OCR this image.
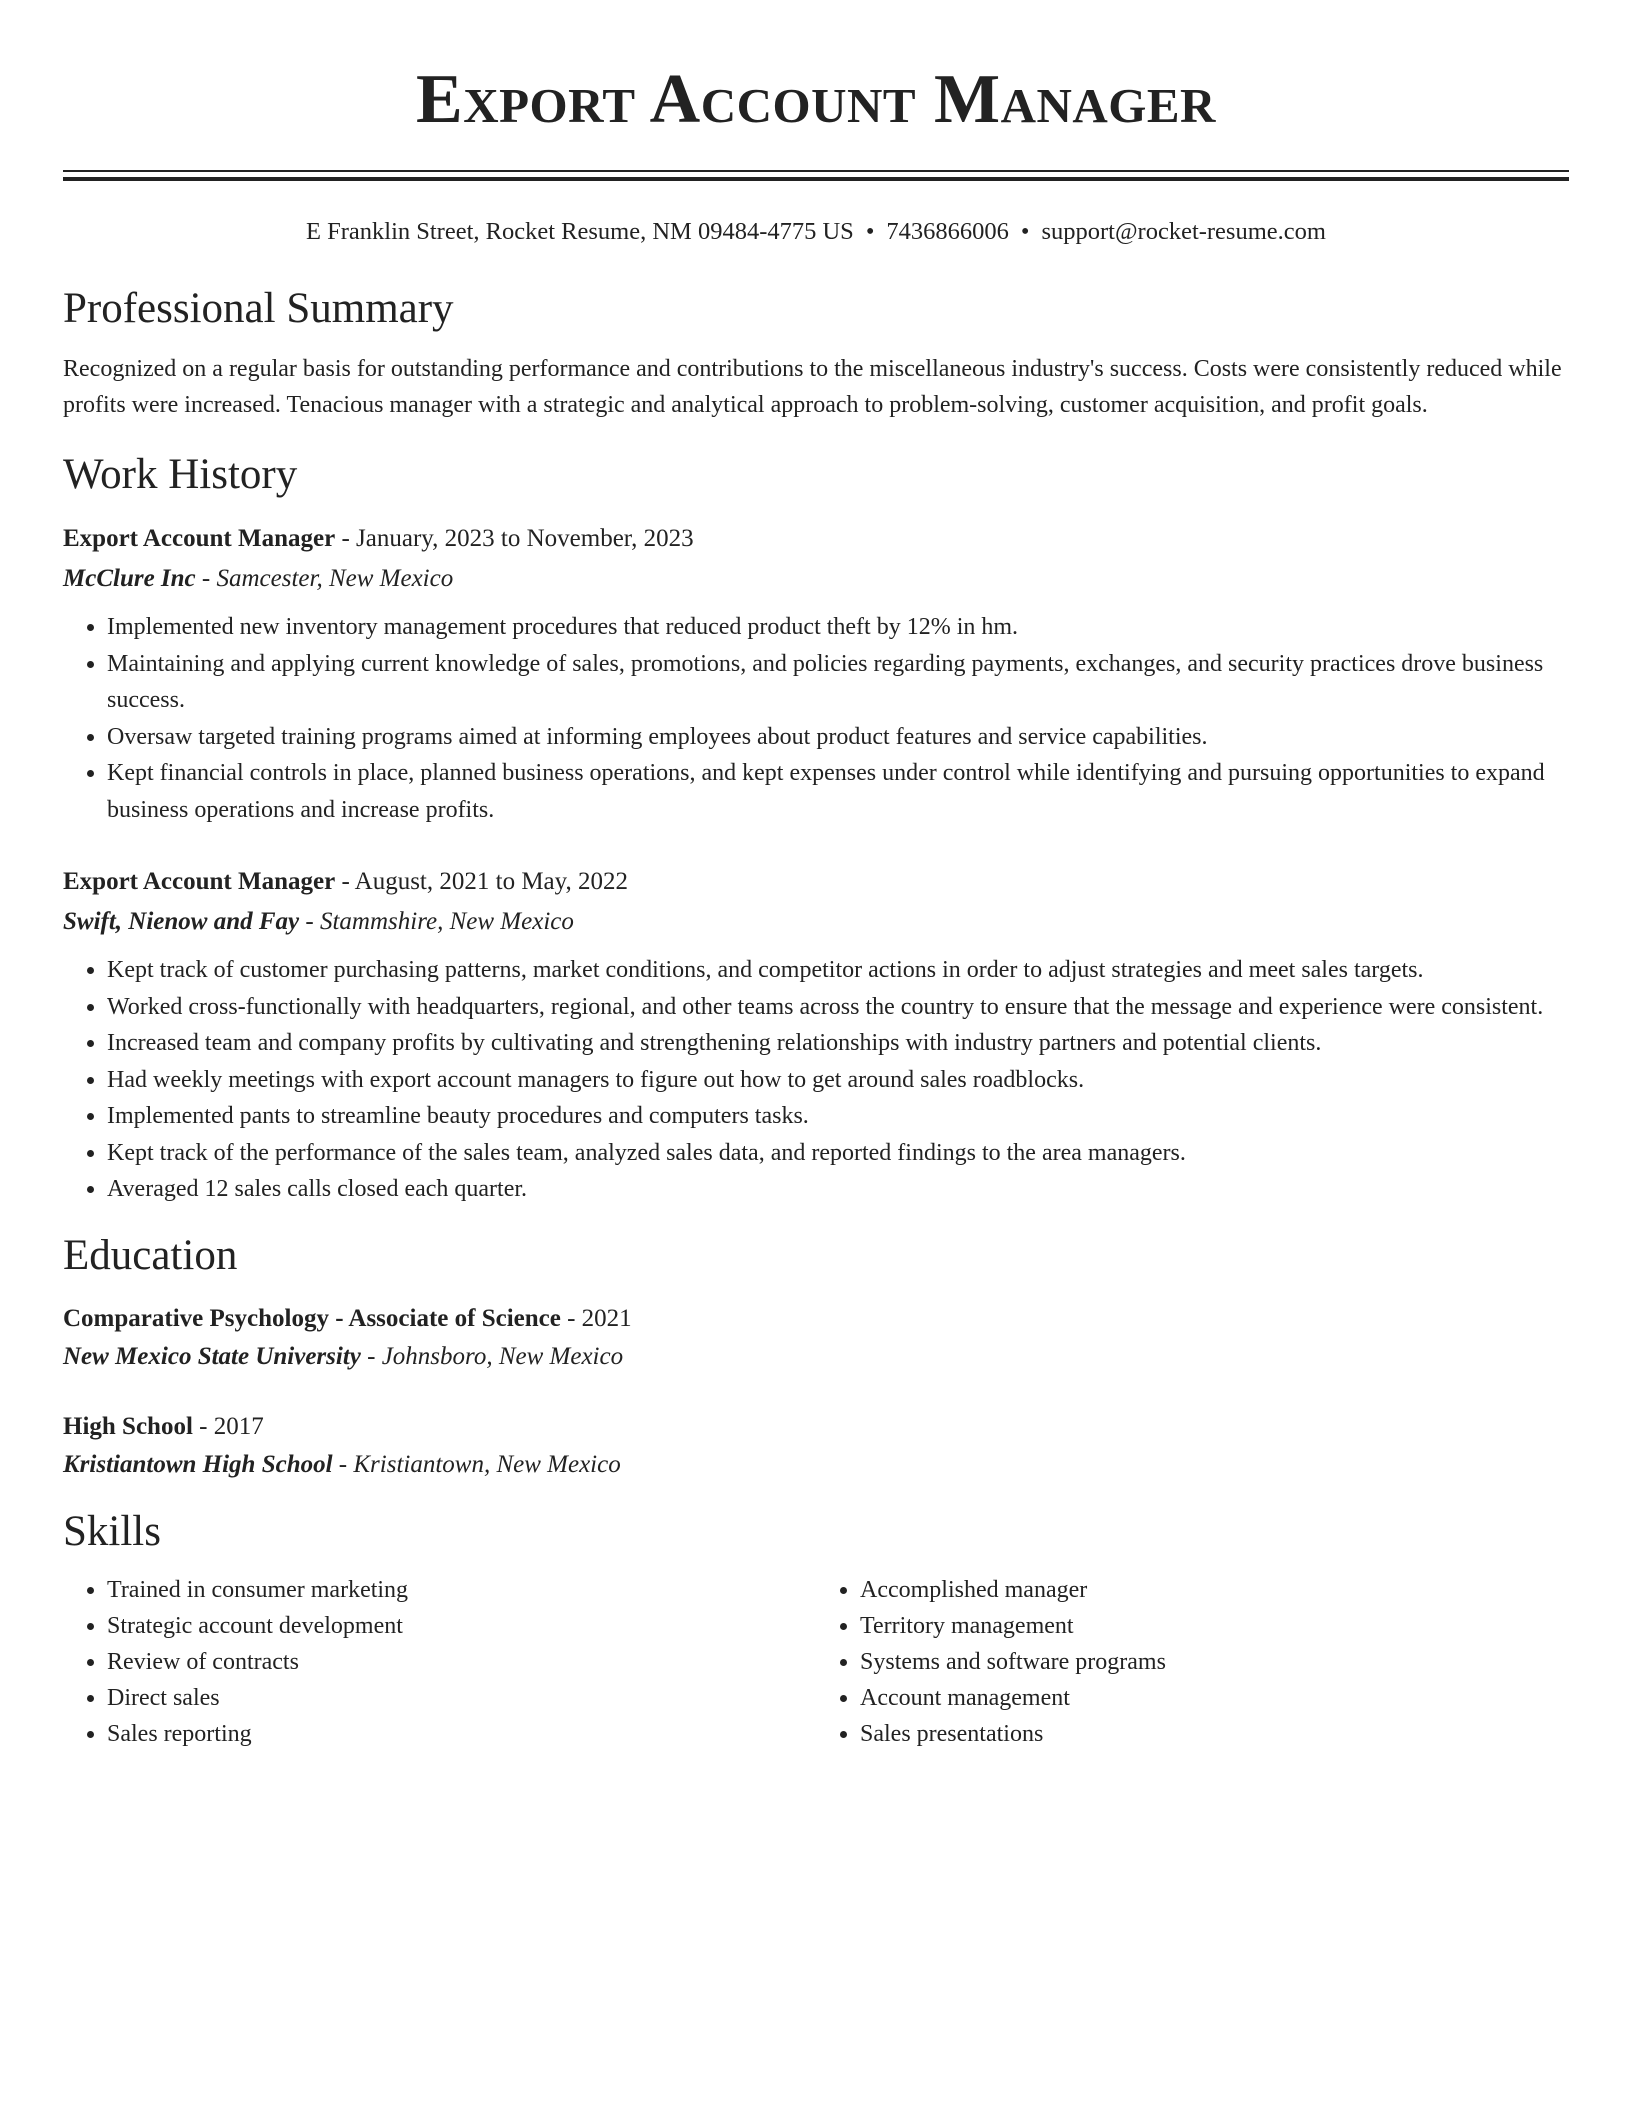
Export Account Manager
E Franklin Street, Rocket Resume, NM 09484-4775 US • 7436866006 • support@rocket-resume.com
Professional Summary

Recognized on a regular basis for outstanding performance and contributions to the miscellaneous industry's success. Costs were consistently reduced while profits were increased. Tenacious manager with a strategic and analytical approach to problem-solving, customer acquisition, and profit goals.

Work History
Export Account Manager - January, 2023 to November, 2023
McClure Inc - Samcester, New Mexico
• Implemented new inventory management procedures that reduced product theft by 12% in hm.
• Maintaining and applying current knowledge of sales, promotions, and policies regarding payments, exchanges, and security practices drove business success.
• Oversaw targeted training programs aimed at informing employees about product features and service capabilities.
• Kept financial controls in place, planned business operations, and kept expenses under control while identifying and pursuing opportunities to expand business operations and increase profits.
Export Account Manager - August, 2021 to May, 2022
Swift, Nienow and Fay - Stammshire, New Mexico
• Kept track of customer purchasing patterns, market conditions, and competitor actions in order to adjust strategies and meet sales targets.
• Worked cross-functionally with headquarters, regional, and other teams across the country to ensure that the message and experience were consistent.
• Increased team and company profits by cultivating and strengthening relationships with industry partners and potential clients.
• Had weekly meetings with export account managers to figure out how to get around sales roadblocks.
• Implemented pants to streamline beauty procedures and computers tasks.
• Kept track of the performance of the sales team, analyzed sales data, and reported findings to the area managers.
• Averaged 12 sales calls closed each quarter.
Education
Comparative Psychology - Associate of Science - 2021
New Mexico State University - Johnsboro, New Mexico
High School - 2017
Kristiantown High School - Kristiantown, New Mexico
Skills
• Trained in consumer marketing
• Strategic account development
• Review of contracts
• Direct sales
• Sales reporting
• Accomplished manager
• Territory management
• Systems and software programs
• Account management
• Sales presentations
